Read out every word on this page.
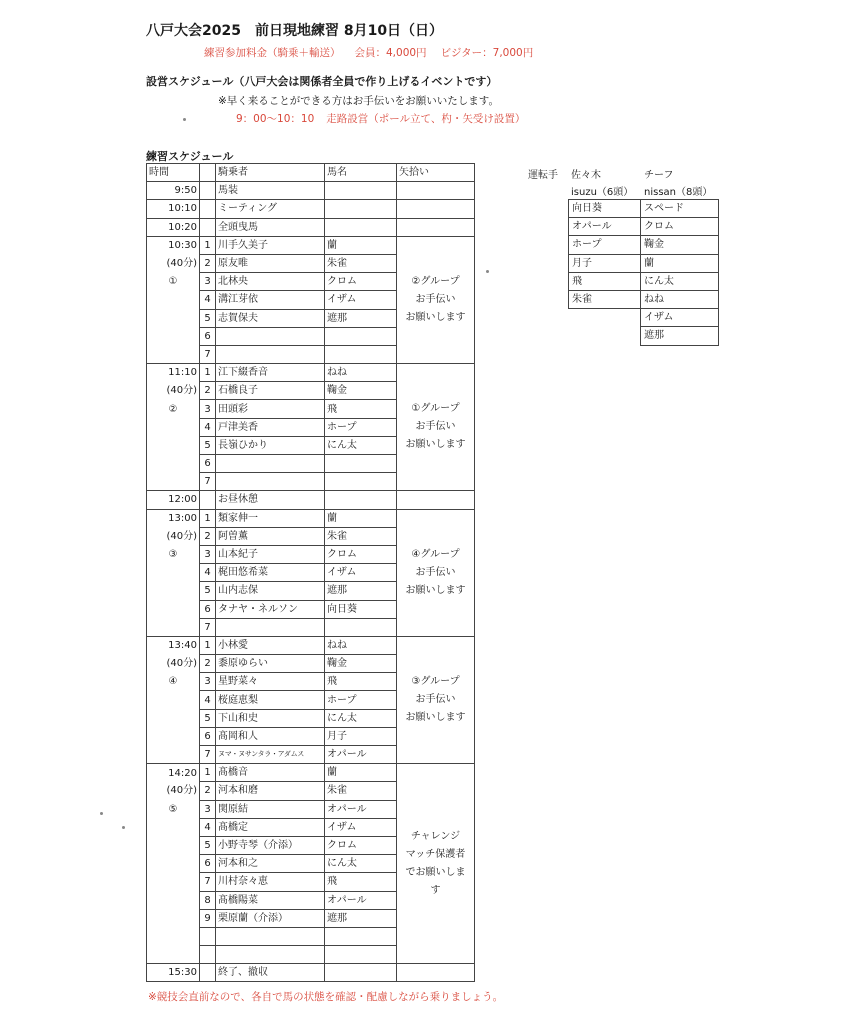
八戸大会2025　前日現地練習 8月10日（日）
練習参加料金（騎乗＋輸送） 会員：4,000円 ビジター：7,000円
設営スケジュール（八戸大会は関係者全員で作り上げるイベントです）
※早く来ることができる方はお手伝いをお願いいたします。
9：00〜10：10 走路設営（ポール立て、杓・矢受け設置）
練習スケジュール
時間		騎乗者	馬名	矢拾い
9:50		馬装		
10:10		ミーティング		
10:20		全頭曳馬		
10:30	1	川手久美子	蘭	②グループ
お手伝い
お願いします

(40分)	2	原友唯	朱雀	
①	3	北林央	クロム	
	4	溝江芽依	イザム	
	5	志賀保夫	遮那	
	6			
	7			
11:10	1	江下綴香音	ねね	①グループ
お手伝い
お願いします

(40分)	2	石橋良子	鞠金	
②	3	田頭彩	飛	
	4	戸津美香	ホープ	
	5	長嶺ひかり	にん太	
	6			
	7			
12:00		お昼休憩		
13:00	1	類家伸一	蘭	④グループ
お手伝い
お願いします

(40分)	2	阿曽薫	朱雀	
③	3	山本紀子	クロム	
	4	梶田悠希菜	イザム	
	5	山内志保	遮那	
	6	タナヤ・ネルソン	向日葵	
	7			
13:40	1	小林愛	ねね	③グループ
お手伝い
お願いします

(40分)	2	黍原ゆらい	鞠金	
④	3	星野菜々	飛	
	4	桜庭恵梨	ホープ	
	5	下山和史	にん太	
	6	髙岡和人	月子	
	7	ヌマ・ヌサンタラ・アダムス	オパール	
14:20	1	髙橋音	蘭	チャレンジ
マッチ保護者
でお願いしま
す

(40分)	2	河本和磨	朱雀	
⑤	3	関原結	オパール	
	4	髙橋定	イザム	
	5	小野寺琴（介添）	クロム	
	6	河本和之	にん太	
	7	川村奈々恵	飛	
	8	髙橋陽菜	オパール	
	9	栗原蘭（介添）	遮那	

15:30		終了、撤収		
運転手 佐々木	チーフ
isuzu（6頭） nissan（8頭）
向日葵	スペード
オパール	クロム
ホープ	鞠金
月子	蘭
飛	にん太
朱雀	ねね
	イザム
	遮那
※競技会直前なので、各自で馬の状態を確認・配慮しながら乗りましょう。
